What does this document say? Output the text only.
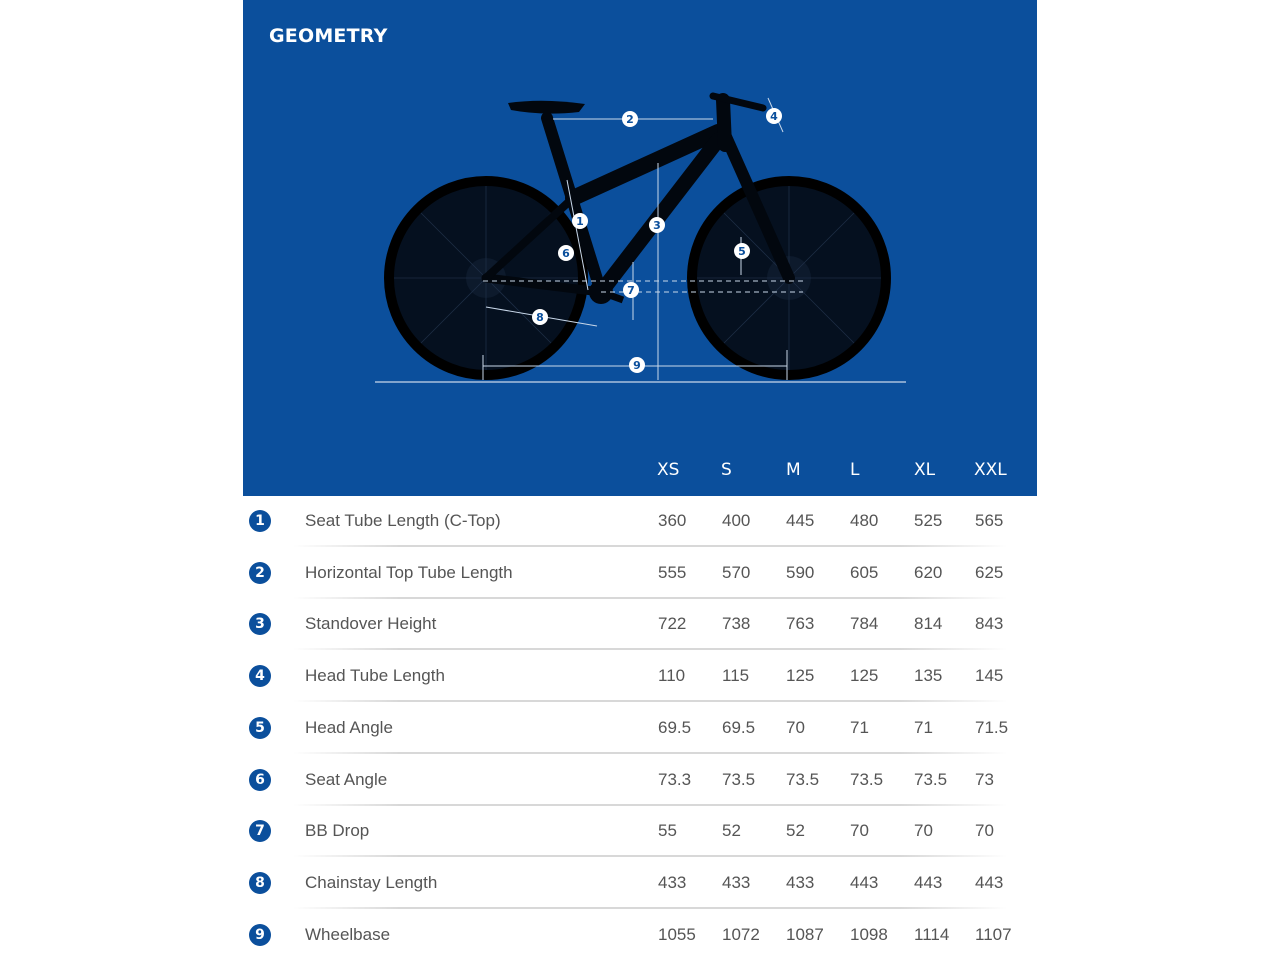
GEOMETRY
1
2
3
4
5
6
7
8
9
XS S	M	L	XL XXL
1	Seat Tube Length (C-Top)	360 400 445 480 525 565
2	Horizontal Top Tube Length	555 570 590 605 620 625
3	Standover Height	722 738 763 784 814 843
4	Head Tube Length	110 115 125 125 135 145
5	Head Angle	69.5 69.5 70	71	71 71.5
6	Seat Angle	73.3 73.5 73.5 73.5 73.5 73
7	BB Drop	55	52	52	70	70 70
8	Chainstay Length	433 433 433 443 443 443
9	Wheelbase	1055 1072 1087 1098 1114 1107
